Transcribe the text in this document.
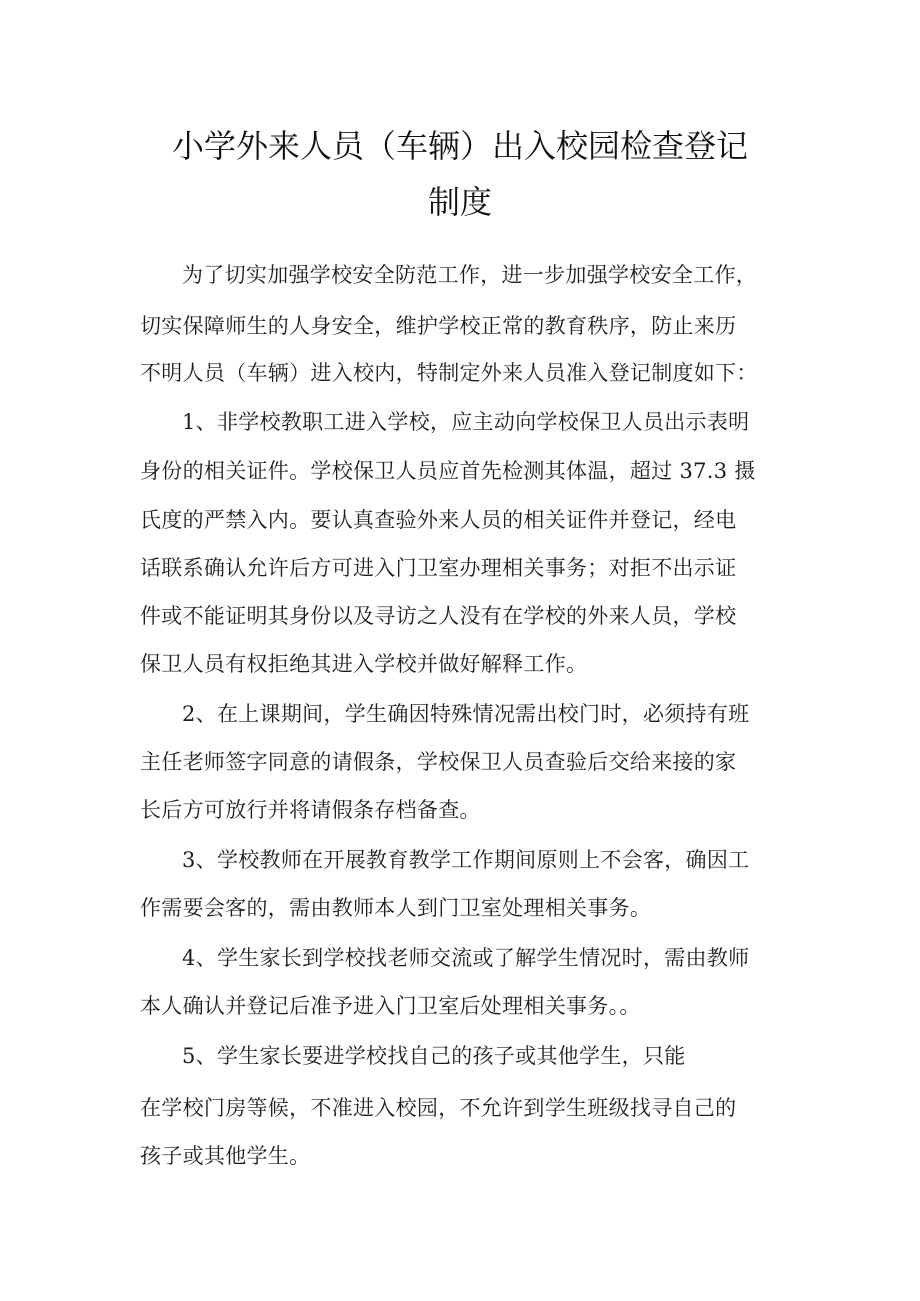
小学外来人员（车辆）出入校园检查登记
制度
为了切实加强学校安全防范工作，进一步加强学校安全工作，
切实保障师生的人身安全，维护学校正常的教育秩序，防止来历
不明人员（车辆）进入校内，特制定外来人员准入登记制度如下：
1、非学校教职工进入学校，应主动向学校保卫人员出示表明
身份的相关证件。学校保卫人员应首先检测其体温，超过 37.3 摄
氏度的严禁入内。要认真查验外来人员的相关证件并登记，经电
话联系确认允许后方可进入门卫室办理相关事务；对拒不出示证
件或不能证明其身份以及寻访之人没有在学校的外来人员，学校
保卫人员有权拒绝其进入学校并做好解释工作。
2、在上课期间，学生确因特殊情况需出校门时，必须持有班
主任老师签字同意的请假条，学校保卫人员查验后交给来接的家
长后方可放行并将请假条存档备查。
3、学校教师在开展教育教学工作期间原则上不会客，确因工
作需要会客的，需由教师本人到门卫室处理相关事务。
4、学生家长到学校找老师交流或了解学生情况时，需由教师
本人确认并登记后准予进入门卫室后处理相关事务。。
5、学生家长要进学校找自己的孩子或其他学生，只能
在学校门房等候，不准进入校园，不允许到学生班级找寻自己的
孩子或其他学生。
